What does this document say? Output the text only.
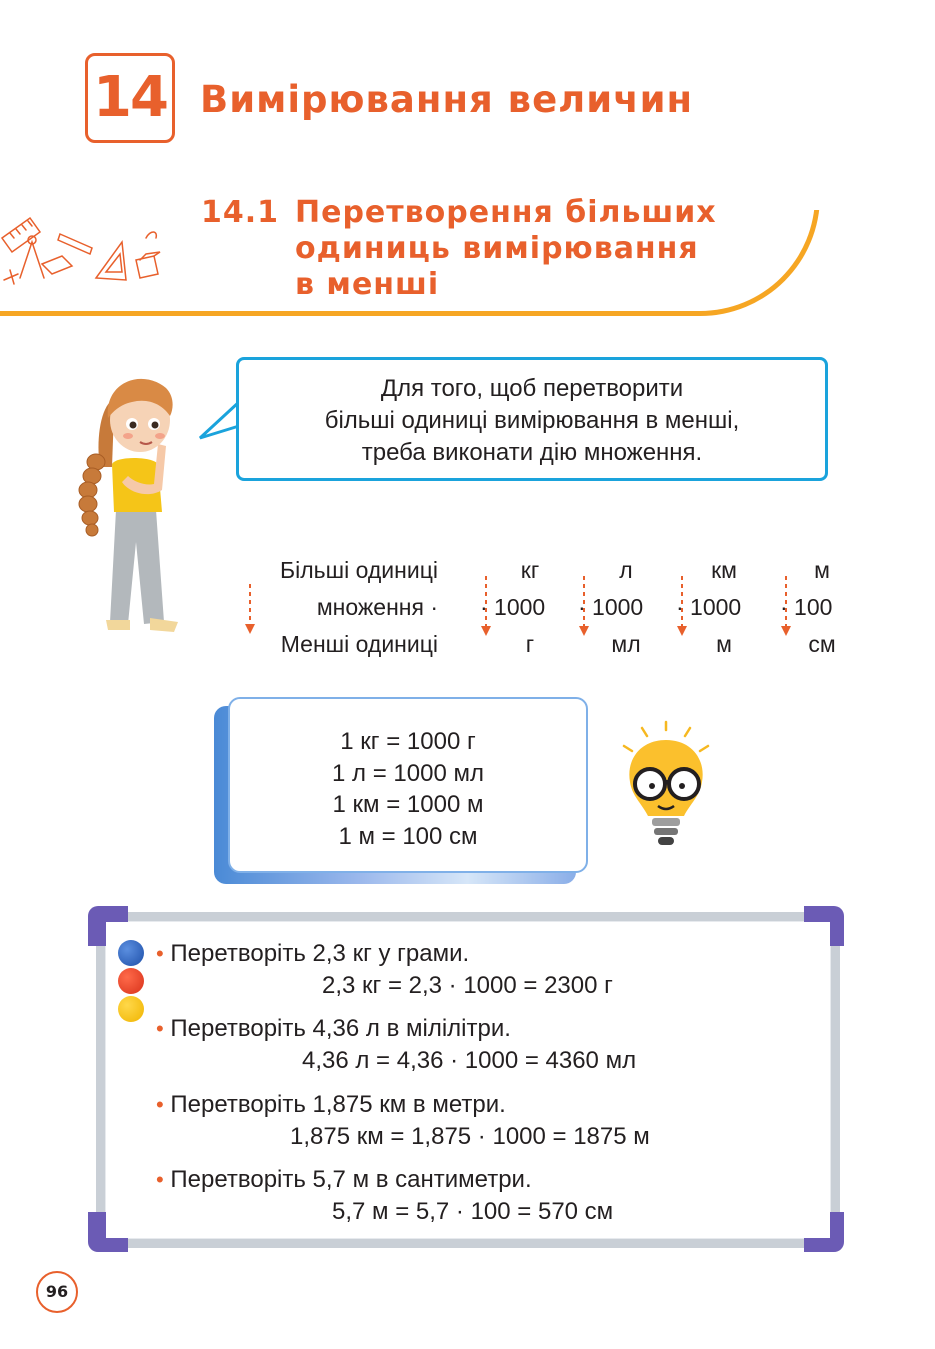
14 Вимірювання величин
14.1 Перетворення більших
одиниць вимірювання
в менші

Для того, щоб перетворити

більші одиниці вимірювання в менші,

треба виконати дію множення.

Більші одиниці
множення ·
Менші одиниці
кг
· 1000
г
л
· 1000
мл
км
· 1000
м
м
· 100
см
1 кг = 1000 г
1 л = 1000 мл
1 км = 1000 м
1 м = 100 см
• Перетворіть 2,3 кг у грами.
2,3 кг = 2,3 · 1000 = 2300 г
• Перетворіть 4,36 л в мілілітри.
4,36 л = 4,36 · 1000 = 4360 мл
• Перетворіть 1,875 км в метри.
1,875 км = 1,875 · 1000 = 1875 м
• Перетворіть 5,7 м в сантиметри.
5,7 м = 5,7 · 100 = 570 см
96
